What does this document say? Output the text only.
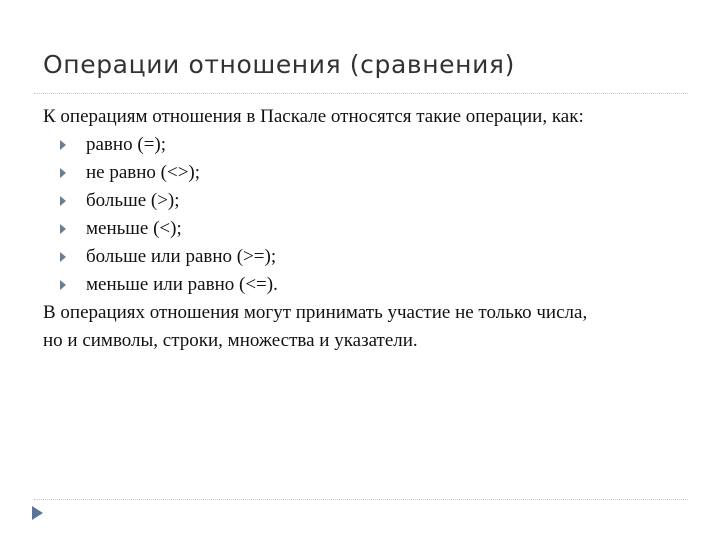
Операции отношения (сравнения)

К операциям отношения в Паскале относятся такие операции, как:

равно (=);
не равно (<>);
больше (>);
меньше (<);
больше или равно (>=);
меньше или равно (<=).

В операциях отношения могут принимать участие не только числа,

но и символы, строки, множества и указатели.
